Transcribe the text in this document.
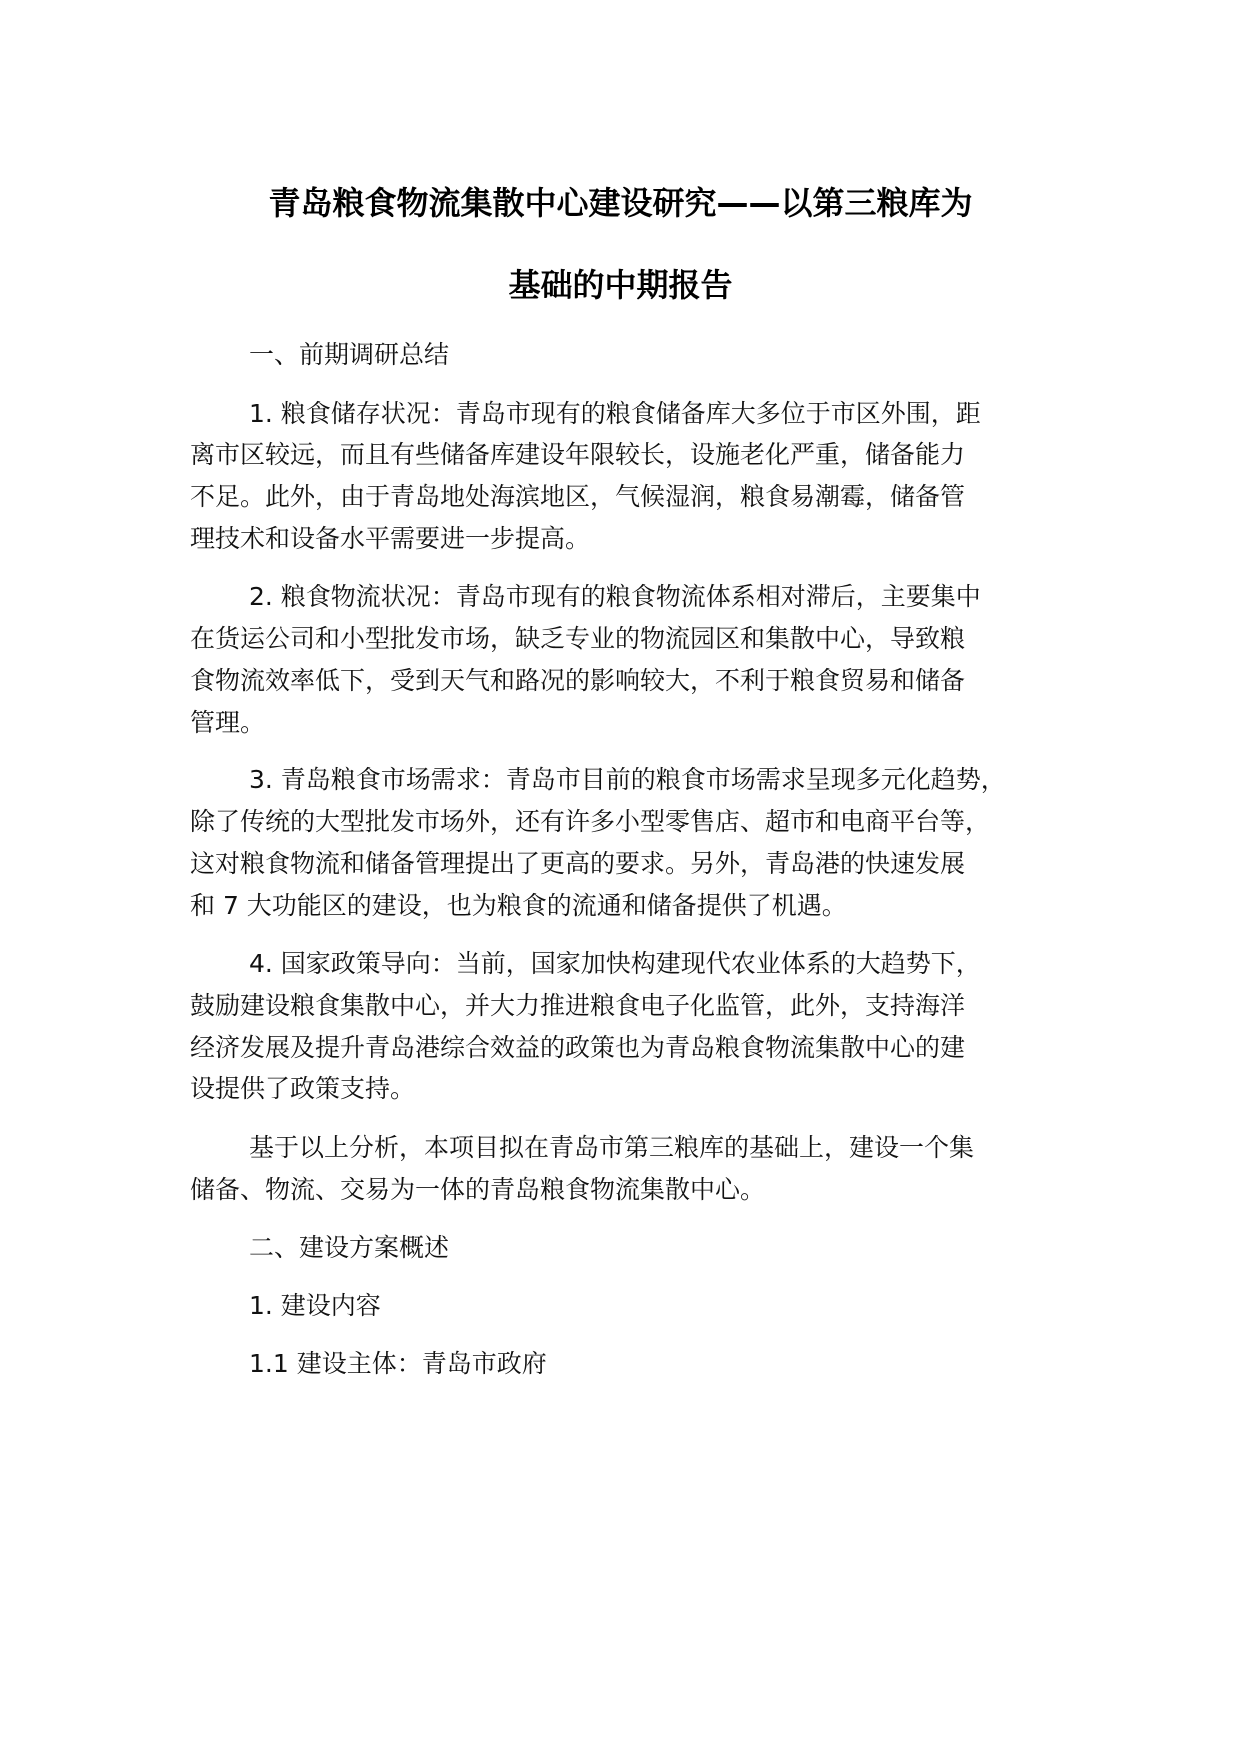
青岛粮食物流集散中心建设研究——以第三粮库为
基础的中期报告
一、前期调研总结
1. 粮食储存状况：青岛市现有的粮食储备库大多位于市区外围，距
离市区较远，而且有些储备库建设年限较长，设施老化严重，储备能力
不足。此外，由于青岛地处海滨地区，气候湿润，粮食易潮霉，储备管
理技术和设备水平需要进一步提高。
2. 粮食物流状况：青岛市现有的粮食物流体系相对滞后，主要集中
在货运公司和小型批发市场，缺乏专业的物流园区和集散中心，导致粮
食物流效率低下，受到天气和路况的影响较大，不利于粮食贸易和储备
管理。
3. 青岛粮食市场需求：青岛市目前的粮食市场需求呈现多元化趋势，
除了传统的大型批发市场外，还有许多小型零售店、超市和电商平台等，
这对粮食物流和储备管理提出了更高的要求。另外，青岛港的快速发展
和 7 大功能区的建设，也为粮食的流通和储备提供了机遇。
4. 国家政策导向：当前，国家加快构建现代农业体系的大趋势下，
鼓励建设粮食集散中心，并大力推进粮食电子化监管，此外，支持海洋
经济发展及提升青岛港综合效益的政策也为青岛粮食物流集散中心的建
设提供了政策支持。
基于以上分析，本项目拟在青岛市第三粮库的基础上，建设一个集
储备、物流、交易为一体的青岛粮食物流集散中心。
二、建设方案概述
1. 建设内容
1.1 建设主体：青岛市政府
